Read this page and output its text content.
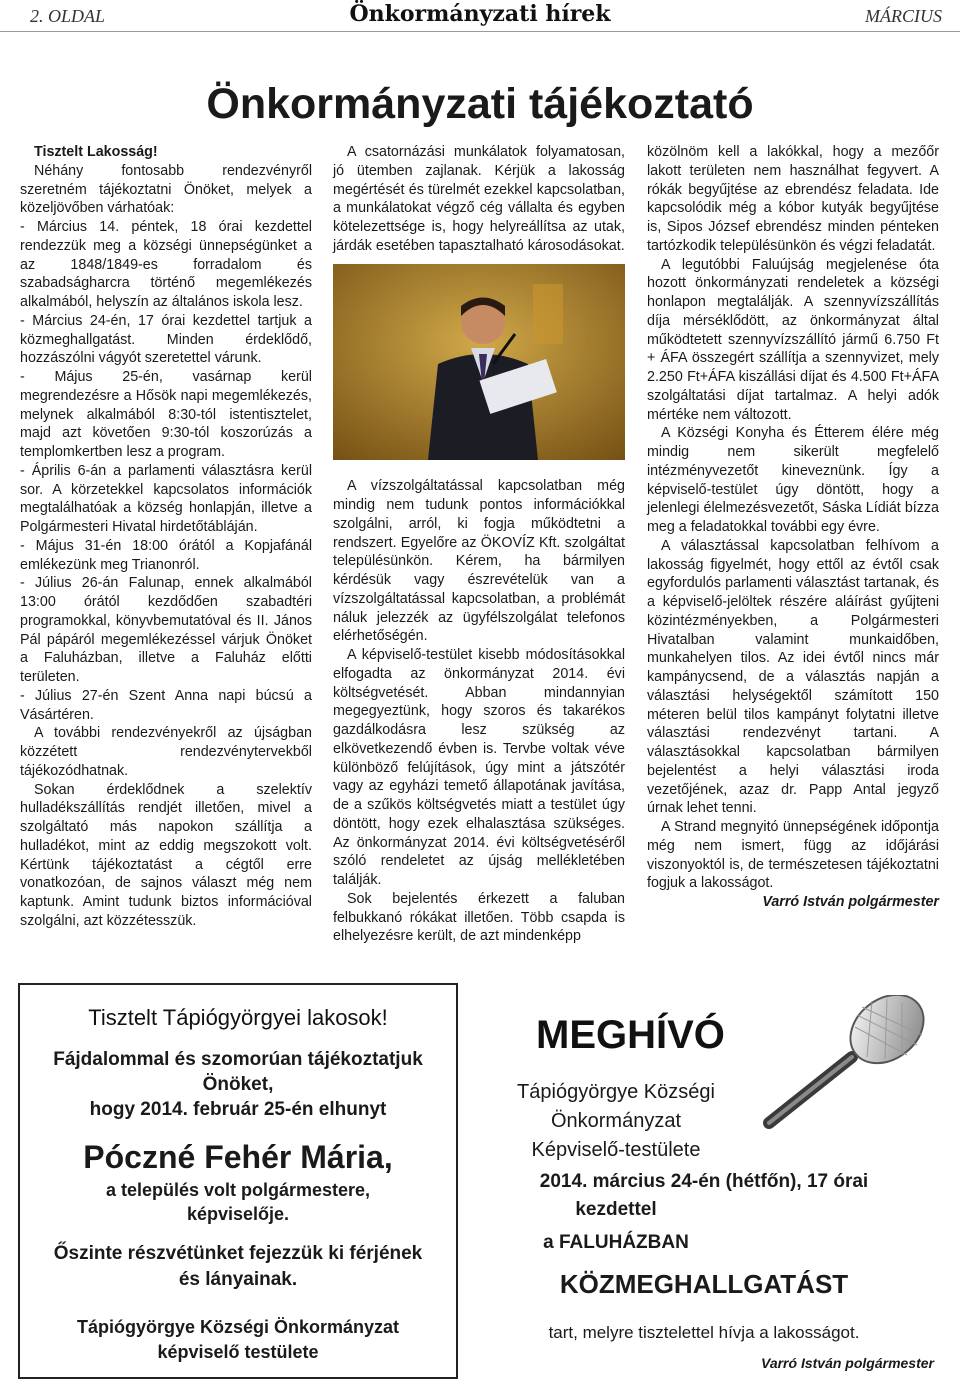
2. OLDAL	Önkormányzati hírek	MÁRCIUS
Önkormányzati tájékoztató

Tisztelt Lakosság!

Néhány fontosabb rendezvényről szeretném tájékoztatni Önöket, melyek a közeljövőben várhatóak:

- Március 14. péntek, 18 órai kezdettel rendezzük meg a községi ünnepségünket a az 1848/1849-es forradalom és szabadságharcra történő megemlékezés alkalmából, helyszín az általános iskola lesz.

- Március 24-én, 17 órai kezdettel tartjuk a közmeghallgatást. Minden érdeklődő, hozzászólni vágyót szeretettel várunk.

- Május 25-én, vasárnap kerül megrendezésre a Hősök napi megemlékezés, melynek alkalmából 8:30-tól istentisztelet, majd azt követően 9:30-tól koszorúzás a templomkertben lesz a program.

- Április 6-án a parlamenti választásra kerül sor. A körzetekkel kapcsolatos információk megtalálhatóak a község honlapján, illetve a Polgármesteri Hivatal hirdetőtábláján.

- Május 31-én 18:00 órától a Kopjafánál emlékezünk meg Trianonról.

- Július 26-án Falunap, ennek alkalmából 13:00 órától kezdődően szabadtéri programokkal, könyvbemutatóval és II. János Pál pápáról megemlékezéssel várjuk Önöket a Faluházban, illetve a Faluház előtti területen.

- Július 27-én Szent Anna napi búcsú a Vásártéren.

A további rendezvényekről az újságban közzétett rendezvénytervekből tájékozódhatnak.

Sokan érdeklődnek a szelektív hulladékszállítás rendjét illetően, mivel a szolgáltató más napokon szállítja a hulladékot, mint az eddig megszokott volt. Kértünk tájékoztatást a cégtől erre vonatkozóan, de sajnos választ még nem kaptunk. Amint tudunk biztos információval szolgálni, azt közzétesszük.

A csatornázási munkálatok folyamatosan, jó ütemben zajlanak. Kérjük a lakosság megértését és türelmét ezekkel kapcsolatban, a munkálatokat végző cég vállalta és egyben kötelezettsége is, hogy helyreállítsa az utak, járdák esetében tapasztalható károsodásokat.

A vízszolgáltatással kapcsolatban még mindig nem tudunk pontos információkkal szolgálni, arról, ki fogja működtetni a rendszert. Egyelőre az ÖKOVÍZ Kft. szolgáltat településünkön. Kérem, ha bármilyen kérdésük vagy észrevételük van a vízszolgáltatással kapcsolatban, a problémát náluk jelezzék az ügyfélszolgálat telefonos elérhetőségén.

A képviselő-testület kisebb módosításokkal elfogadta az önkormányzat 2014. évi költségvetését. Abban mindannyian megegyeztünk, hogy szoros és takarékos gazdálkodásra lesz szükség az elkövetkezendő évben is. Tervbe voltak véve különböző felújítások, úgy mint a játszótér vagy az egyházi temető állapotának javítása, de a szűkös költségvetés miatt a testület úgy döntött, hogy ezek elhalasztása szükséges. Az önkormányzat 2014. évi költségvetéséről szóló rendeletet az újság mellékletében találják.

Sok bejelentés érkezett a faluban felbukkanó rókákat illetően. Több csapda is elhelyezésre került, de azt mindenképp

közölnöm kell a lakókkal, hogy a mezőőr lakott területen nem használhat fegyvert. A rókák begyűjtése az ebrendész feladata. Ide kapcsolódik még a kóbor kutyák begyűjtése is, Sipos József ebrendész minden pénteken tartózkodik településünkön és végzi feladatát.

A legutóbbi Faluújság megjelenése óta hozott önkormányzati rendeletek a községi honlapon megtalálják. A szennyvízszállítás díja mérséklődött, az önkormányzat által működtetett szennyvízszállító jármű 6.750 Ft + ÁFA összegért szállítja a szennyvizet, mely 2.250 Ft+ÁFA kiszállási díjat és 4.500 Ft+ÁFA szolgáltatási díjat tartalmaz. A helyi adók mértéke nem változott.

A Községi Konyha és Étterem élére még mindig nem sikerült megfelelő intézményvezetőt kineveznünk. Így a képviselő-testület úgy döntött, hogy a jelenlegi élelmezésvezetőt, Sáska Lídiát bízza meg a feladatokkal további egy évre.

A választással kapcsolatban felhívom a lakosság figyelmét, hogy ettől az évtől csak egyfordulós parlamenti választást tartanak, és a képviselő-jelöltek részére aláírást gyűjteni közintézményekben, a Polgármesteri Hivatalban valamint munkaidőben, munkahelyen tilos. Az idei évtől nincs már kampánycsend, de a választás napján a választási helységektől számított 150 méteren belül tilos kampányt folytatni illetve választási rendezvényt tartani. A választásokkal kapcsolatban bármilyen bejelentést a helyi választási iroda vezetőjének, azaz dr. Papp Antal jegyző úrnak lehet tenni.

A Strand megnyitó ünnepségének időpontja még nem ismert, függ az időjárási viszonyoktól is, de természetesen tájékoztatni fogjuk a lakosságot.

Varró István polgármester

Tisztelt Tápiógyörgyei lakosok!
Fájdalommal és szomorúan tájékoztatjuk
Önöket,
hogy 2014. február 25-én elhunyt
Póczné Fehér Mária,
a település volt polgármestere,
képviselője.
Őszinte részvétünket fejezzük ki férjének
és lányainak.
Tápiógyörgye Községi Önkormányzat
képviselő testülete
MEGHÍVÓ
Tápiógyörgye Községi
Önkormányzat
Képviselő-testülete
2014. március 24-én (hétfőn), 17 órai
kezdettel
a FALUHÁZBAN
KÖZMEGHALLGATÁST
tart, melyre tisztelettel hívja a lakosságot.
Varró István polgármester
